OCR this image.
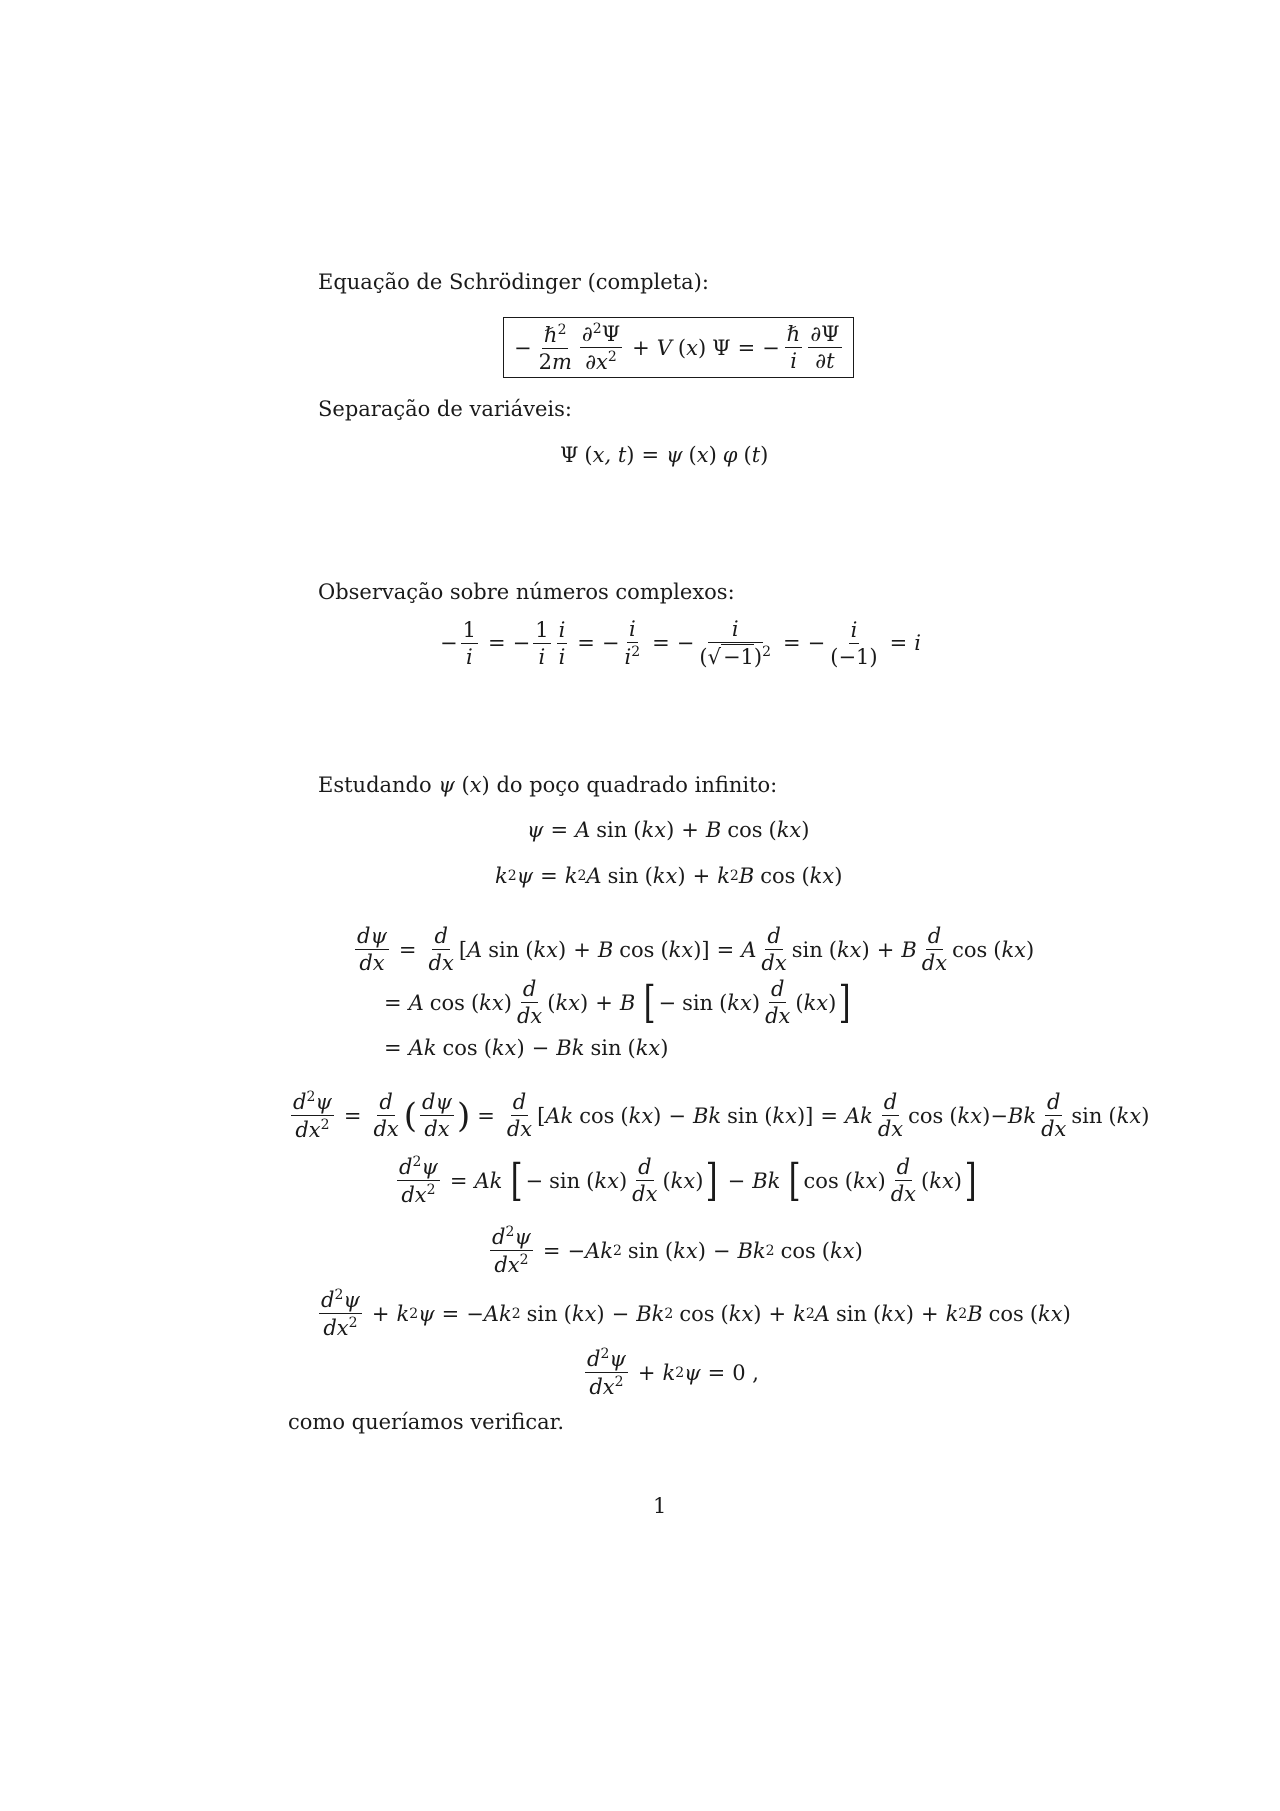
Equação de Schrödinger (completa):
− $\frac{\hbar^2}{2m} \frac{\partial^2\Psi}{\partial x^2} + V$ ( x ) Ψ = − $\frac{\text{ℏ}}{i} \frac{\partial\Psi}{\partial t}$
Separação de variáveis:
Ψ ( x, t ) = ψ ( x ) φ ( t )
Observação sobre números complexos:
− $\frac{1}{i}$ = − $\frac{1}{i} \frac{i}{i}$ = − $\frac{i}{i^2}$ = − $\frac{i}{(√-1)^2}$ = − $\frac{i}{(-1)} = i$
Estudando ψ (x) do poço quadrado infinito:
ψ = A sin ( kx ) + B cos ( kx )
k 2 ψ = k 2 A sin ( kx ) + k 2 B cos ( kx )
$\frac{d\psi}{dx} = \frac{d}{dx}$ [ A sin ( kx ) + B cos ( kx )] = A $\frac{d}{dx}$ sin ( kx ) + B $\frac{d}{dx}$ cos ( kx )
= A cos ( kx ) $\frac{d}{dx}$ ( kx ) + B [ − sin ( kx ) $\frac{d}{dx}$ ( kx ) ]
= Ak cos ( kx ) − Bk sin ( kx )
$\frac{d^2\psi}{dx^2} = \frac{d}{dx}$ ( $\frac{d\psi}{dx}$ ) = $\frac{d}{dx}$ [ Ak cos ( kx ) − Bk sin ( kx )] = Ak $\frac{d}{dx}$ cos ( kx )− Bk $\frac{d}{dx}$ sin ( kx )
$\frac{d^2\psi}{dx^2} = Ak$ [ − sin ( kx ) $\frac{d}{dx}$ ( kx ) ] − Bk [ cos ( kx ) $\frac{d}{dx}$ ( kx ) ]
$\frac{d^2\psi}{dx^2}$ = − Ak 2 sin ( kx ) − Bk 2 cos ( kx )
$\frac{d^2\psi}{dx^2} + k$ 2 ψ = − Ak 2 sin ( kx ) − Bk 2 cos ( kx ) + k 2 A sin ( kx ) + k 2 B cos ( kx )
$\frac{d^2\psi}{dx^2} + k$ 2 ψ = 0 ,
como queríamos verificar.
1
